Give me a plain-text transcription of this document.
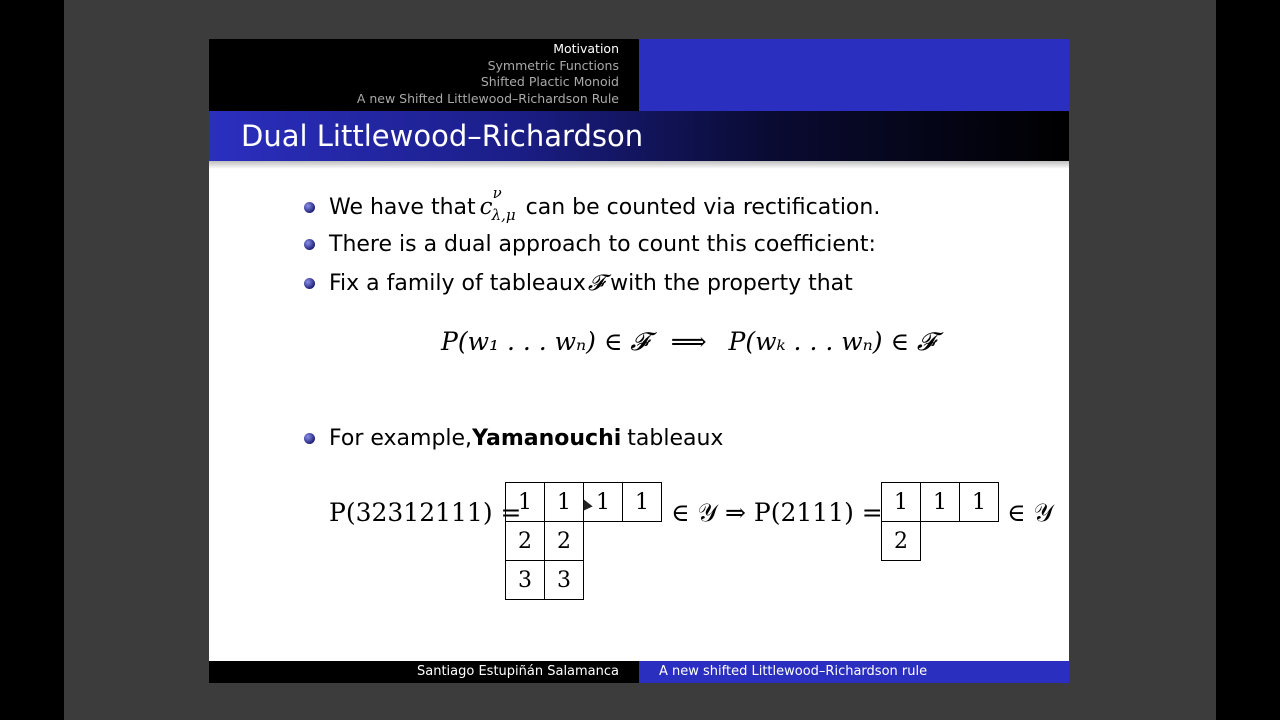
Motivation
Symmetric Functions
Shifted Plactic Monoid
A new Shifted Littlewood–Richardson Rule
Dual Littlewood–Richardson
We have that c
ν
λ,μ can be counted via rectification.
There is a dual approach to count this coefficient:
Fix a family of tableaux 𝓕 with the property that
P(w₁ . . . wₙ) ∈ 𝓕 ⟹ P(wₖ . . . wₙ) ∈ 𝓕
For example, Yamanouchi tableaux
P(32312111) =
1	1	1	1
2	2		
3	3		
∈ 𝒴 ⇒ P(2111) = 1	1	1
2		
∈ 𝒴
Santiago Estupiñán Salamanca	A new shifted Littlewood–Richardson rule
